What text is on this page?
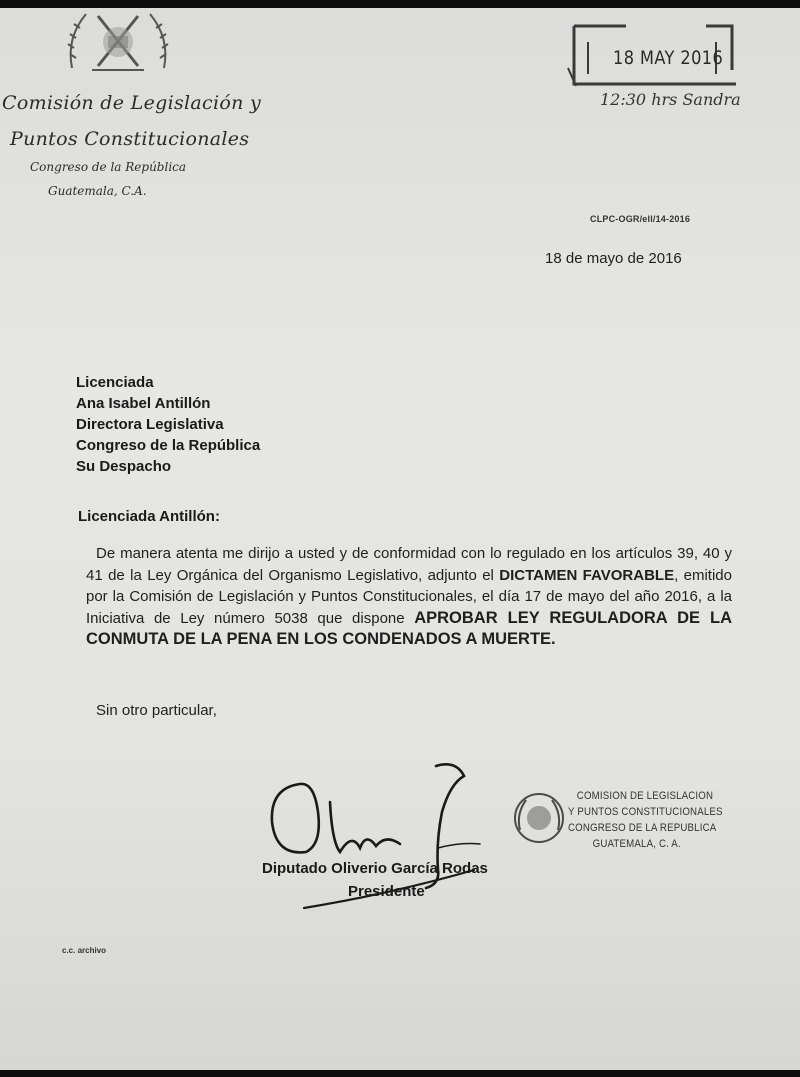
Comisión de Legislación y
Puntos Constitucionales
Congreso de la República
Guatemala, C.A.
18 MAY 2016
12:30 hrs Sandra
CLPC-OGR/ell/14-2016
18 de mayo de 2016
Licenciada
Ana Isabel Antillón
Directora Legislativa
Congreso de la República
Su Despacho
Licenciada Antillón:
De manera atenta me dirijo a usted y de conformidad con lo regulado en los artículos 39, 40 y 41 de la Ley Orgánica del Organismo Legislativo, adjunto el DICTAMEN FAVORABLE, emitido por la Comisión de Legislación y Puntos Constitucionales, el día 17 de mayo del año 2016, a la Iniciativa de Ley número 5038 que dispone APROBAR LEY REGULADORA DE LA CONMUTA DE LA PENA EN LOS CONDENADOS A MUERTE.
Sin otro particular,
Diputado Oliverio García Rodas
Presidente
COMISION DE LEGISLACION
Y PUNTOS CONSTITUCIONALES
CONGRESO DE LA REPUBLICA
GUATEMALA, C. A.
c.c. archivo
